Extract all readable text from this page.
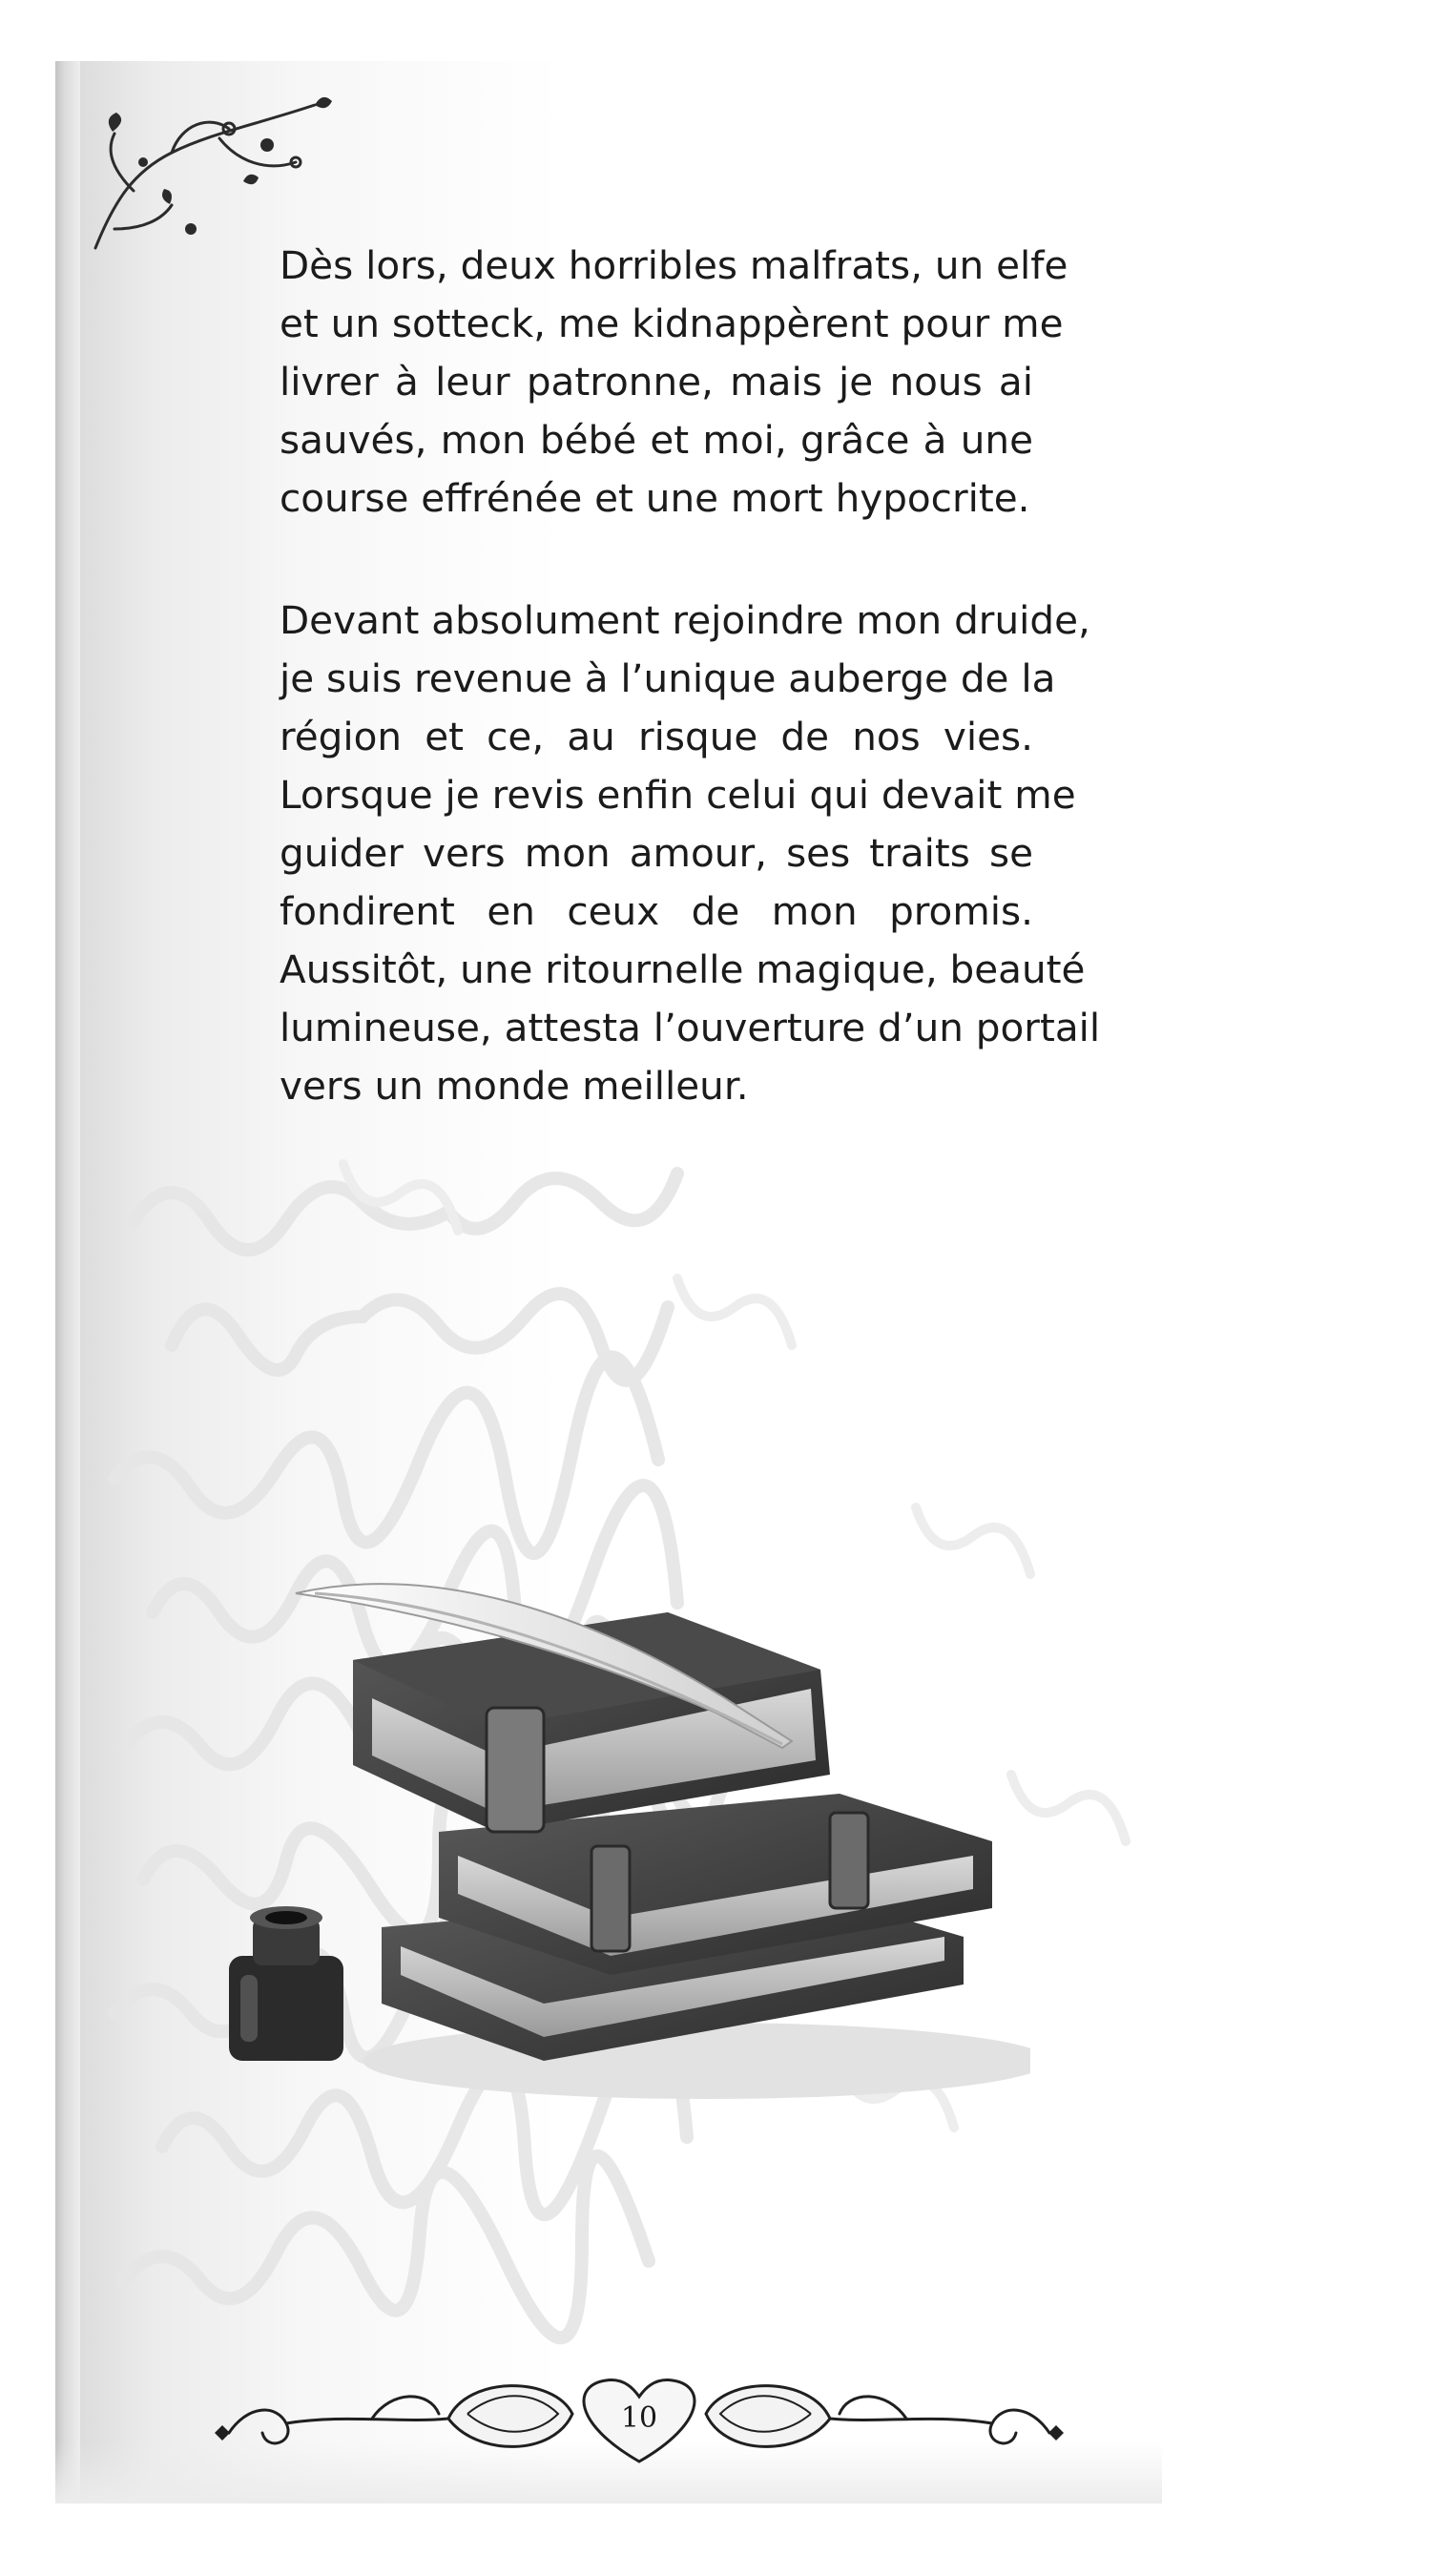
Dès lors, deux horribles malfrats, un elfe
et un sotteck, me kidnappèrent pour me
livrer à leur patronne, mais je nous ai
sauvés, mon bébé et moi, grâce à une
course effrénée et une mort hypocrite.
Devant absolument rejoindre mon druide,
je suis revenue à l’unique auberge de la
région et ce, au risque de nos vies.
Lorsque je revis enfin celui qui devait me
guider vers mon amour, ses traits se
fondirent en ceux de mon promis.
Aussitôt, une ritournelle magique, beauté
lumineuse, attesta l’ouverture d’un portail
vers un monde meilleur.
10
